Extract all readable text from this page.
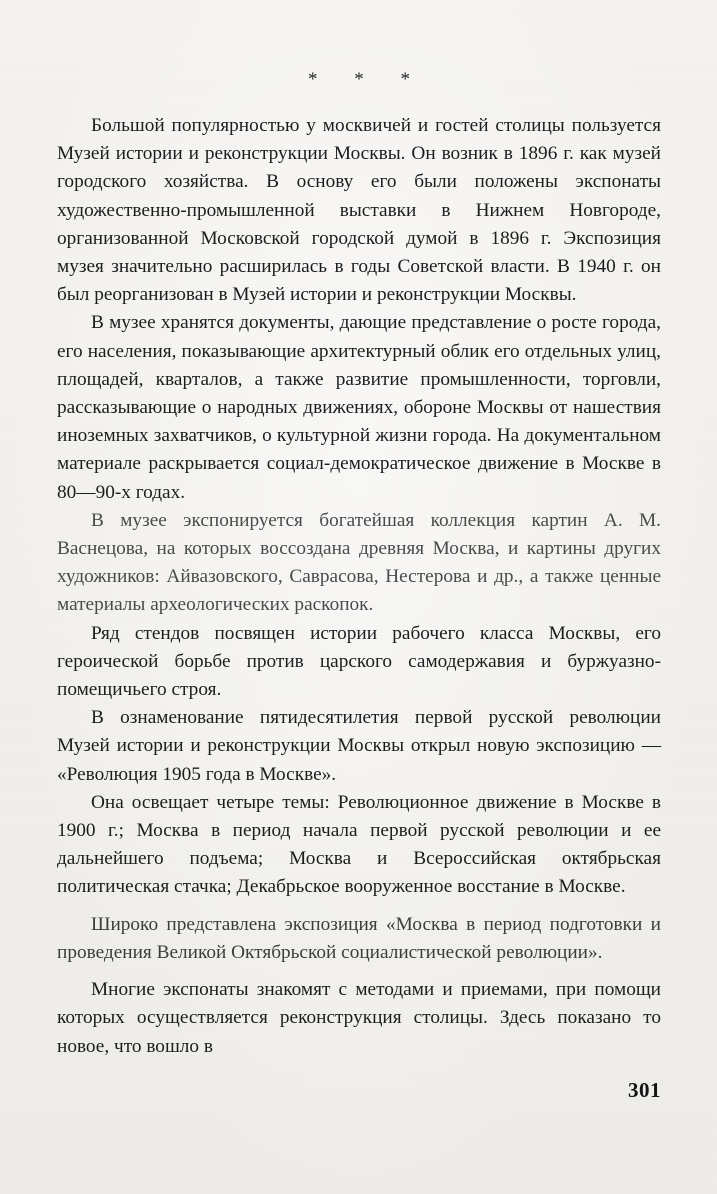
* * *

Большой популярностью у москвичей и гостей столицы пользуется Музей истории и реконструкции Москвы. Он возник в 1896 г. как музей городского хозяйства. В основу его были положены экспонаты художественно-промышленной выставки в Нижнем Новгороде, организованной Московской городской думой в 1896 г. Экспозиция музея значительно расширилась в годы Советской власти. В 1940 г. он был реорганизован в Музей истории и реконструкции Москвы.

В музее хранятся документы, дающие представление о росте города, его населения, показывающие архитектурный облик его отдельных улиц, площадей, кварталов, а также развитие промышленности, торговли, рассказывающие о народных движениях, обороне Москвы от нашествия иноземных захватчиков, о культурной жизни города. На документальном материале раскрывается социал-демократическое движение в Москве в 80—90-х годах.

В музее экспонируется богатейшая коллекция картин А. М. Васнецова, на которых воссоздана древняя Москва, и картины других художников: Айвазовского, Саврасова, Нестерова и др., а также ценные материалы археологических раскопок.

Ряд стендов посвящен истории рабочего класса Москвы, его героической борьбе против царского самодержавия и буржуазно-помещичьего строя.

В ознаменование пятидесятилетия первой русской революции Музей истории и реконструкции Москвы открыл новую экспозицию — «Революция 1905 года в Москве».

Она освещает четыре темы: Революционное движение в Москве в 1900 г.; Москва в период начала первой русской революции и ее дальнейшего подъема; Москва и Всероссийская октябрьская политическая стачка; Декабрьское вооруженное восстание в Москве.

Широко представлена экспозиция «Москва в период подготовки и проведения Великой Октябрьской социалистической революции».

Многие экспонаты знакомят с методами и приемами, при помощи которых осуществляется реконструкция столицы. Здесь показано то новое, что вошло в

301
